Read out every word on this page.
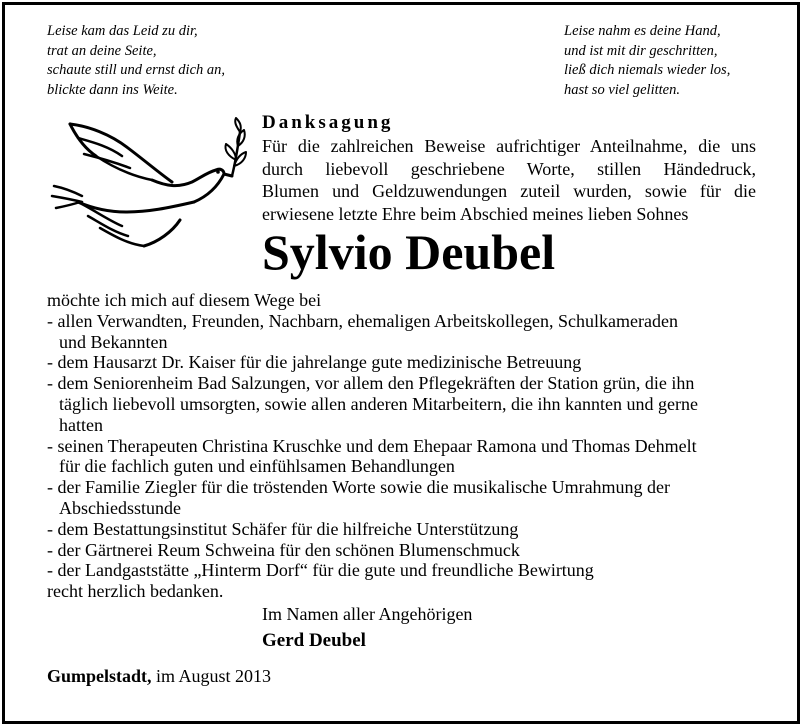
Leise kam das Leid zu dir,
trat an deine Seite,
schaute still und ernst dich an,
blickte dann ins Weite.
Leise nahm es deine Hand,
und ist mit dir geschritten,
ließ dich niemals wieder los,
hast so viel gelitten.
Danksagung
Für die zahlreichen Beweise aufrichtiger Anteilnahme, die uns
durch liebevoll geschriebene Worte, stillen Händedruck,
Blumen und Geldzuwendungen zuteil wurden, sowie für die
erwiesene letzte Ehre beim Abschied meines lieben Sohnes
Sylvio Deubel
möchte ich mich auf diesem Wege bei
- allen Verwandten, Freunden, Nachbarn, ehemaligen Arbeitskollegen, Schulkameraden
und Bekannten
- dem Hausarzt Dr. Kaiser für die jahrelange gute medizinische Betreuung
- dem Seniorenheim Bad Salzungen, vor allem den Pflegekräften der Station grün, die ihn
täglich liebevoll umsorgten, sowie allen anderen Mitarbeitern, die ihn kannten und gerne
hatten
- seinen Therapeuten Christina Kruschke und dem Ehepaar Ramona und Thomas Dehmelt
für die fachlich guten und einfühlsamen Behandlungen
- der Familie Ziegler für die tröstenden Worte sowie die musikalische Umrahmung der
Abschiedsstunde
- dem Bestattungsinstitut Schäfer für die hilfreiche Unterstützung
- der Gärtnerei Reum Schweina für den schönen Blumenschmuck
- der Landgaststätte „Hinterm Dorf“ für die gute und freundliche Bewirtung
recht herzlich bedanken.
Im Namen aller Angehörigen
Gerd Deubel
Gumpelstadt, im August 2013
